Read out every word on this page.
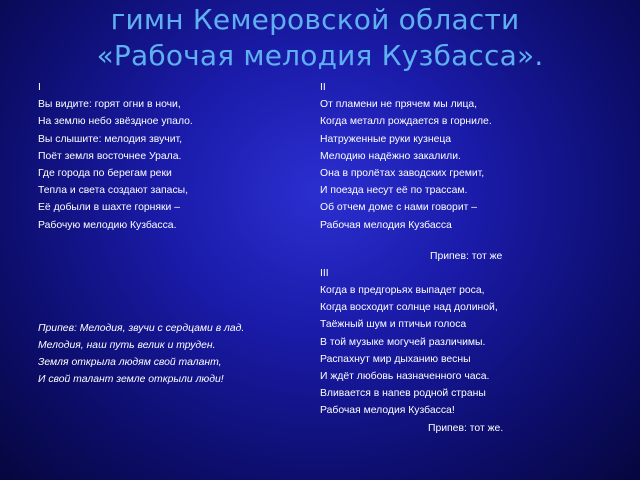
гимн Кемеровской области
«Рабочая мелодия Кузбасса».
I
Вы видите: горят огни в ночи,
На землю небо звёздное упало.
Вы слышите: мелодия звучит,
Поёт земля восточнее Урала.
Где города по берегам реки
Тепла и света создают запасы,
Её добыли в шахте горняки –
Рабочую мелодию Кузбасса.
Припев: Мелодия, звучи с сердцами в лад.
Мелодия, наш путь велик и труден.
Земля открыла людям свой талант,
И свой талант земле открыли люди!
II
От пламени не прячем мы лица,
Когда металл рождается в горниле.
Натруженные руки кузнеца
Мелодию надёжно закалили.
Она в пролётах заводских гремит,
И поезда несут её по трассам.
Об отчем доме с нами говорит –
Рабочая мелодия Кузбасса
Припев: тот же
III
Когда в предгорьях выпадет роса,
Когда восходит солнце над долиной,
Таёжный шум и птичьи голоса
В той музыке могучей различимы.
Распахнут мир дыханию весны
И ждёт любовь назначенного часа.
Вливается в напев родной страны
Рабочая мелодия Кузбасса!
Припев: тот же.
